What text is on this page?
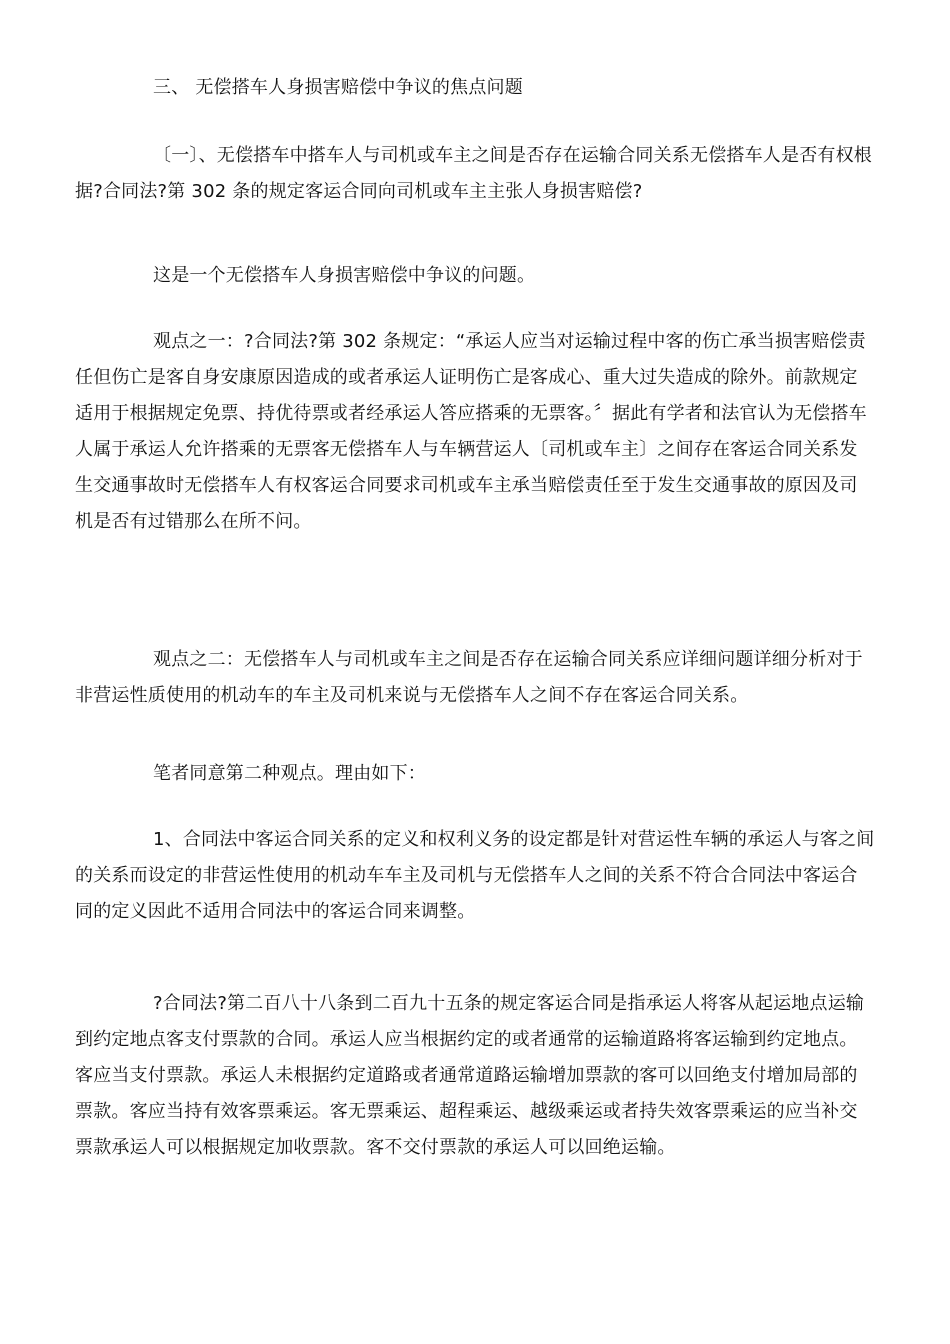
三、 无偿搭车人身损害赔偿中争议的焦点问题

〔一〕、无偿搭车中搭车人与司机或车主之间是否存在运输合同关系无偿搭车人是否有权根据?合同法?第 302 条的规定客运合同向司机或车主主张人身损害赔偿?

这是一个无偿搭车人身损害赔偿中争议的问题。

观点之一：?合同法?第 302 条规定：“承运人应当对运输过程中客的伤亡承当损害赔偿责任但伤亡是客自身安康原因造成的或者承运人证明伤亡是客成心、重大过失造成的除外。前款规定适用于根据规定免票、持优待票或者经承运人答应搭乘的无票客。〞据此有学者和法官认为无偿搭车人属于承运人允许搭乘的无票客无偿搭车人与车辆营运人〔司机或车主〕之间存在客运合同关系发生交通事故时无偿搭车人有权客运合同要求司机或车主承当赔偿责任至于发生交通事故的原因及司机是否有过错那么在所不问。

观点之二：无偿搭车人与司机或车主之间是否存在运输合同关系应详细问题详细分析对于非营运性质使用的机动车的车主及司机来说与无偿搭车人之间不存在客运合同关系。

笔者同意第二种观点。理由如下：

1、合同法中客运合同关系的定义和权利义务的设定都是针对营运性车辆的承运人与客之间的关系而设定的非营运性使用的机动车车主及司机与无偿搭车人之间的关系不符合合同法中客运合同的定义因此不适用合同法中的客运合同来调整。

?合同法?第二百八十八条到二百九十五条的规定客运合同是指承运人将客从起运地点运输到约定地点客支付票款的合同。承运人应当根据约定的或者通常的运输道路将客运输到约定地点。客应当支付票款。承运人未根据约定道路或者通常道路运输增加票款的客可以回绝支付增加局部的票款。客应当持有效客票乘运。客无票乘运、超程乘运、越级乘运或者持失效客票乘运的应当补交票款承运人可以根据规定加收票款。客不交付票款的承运人可以回绝运输。
